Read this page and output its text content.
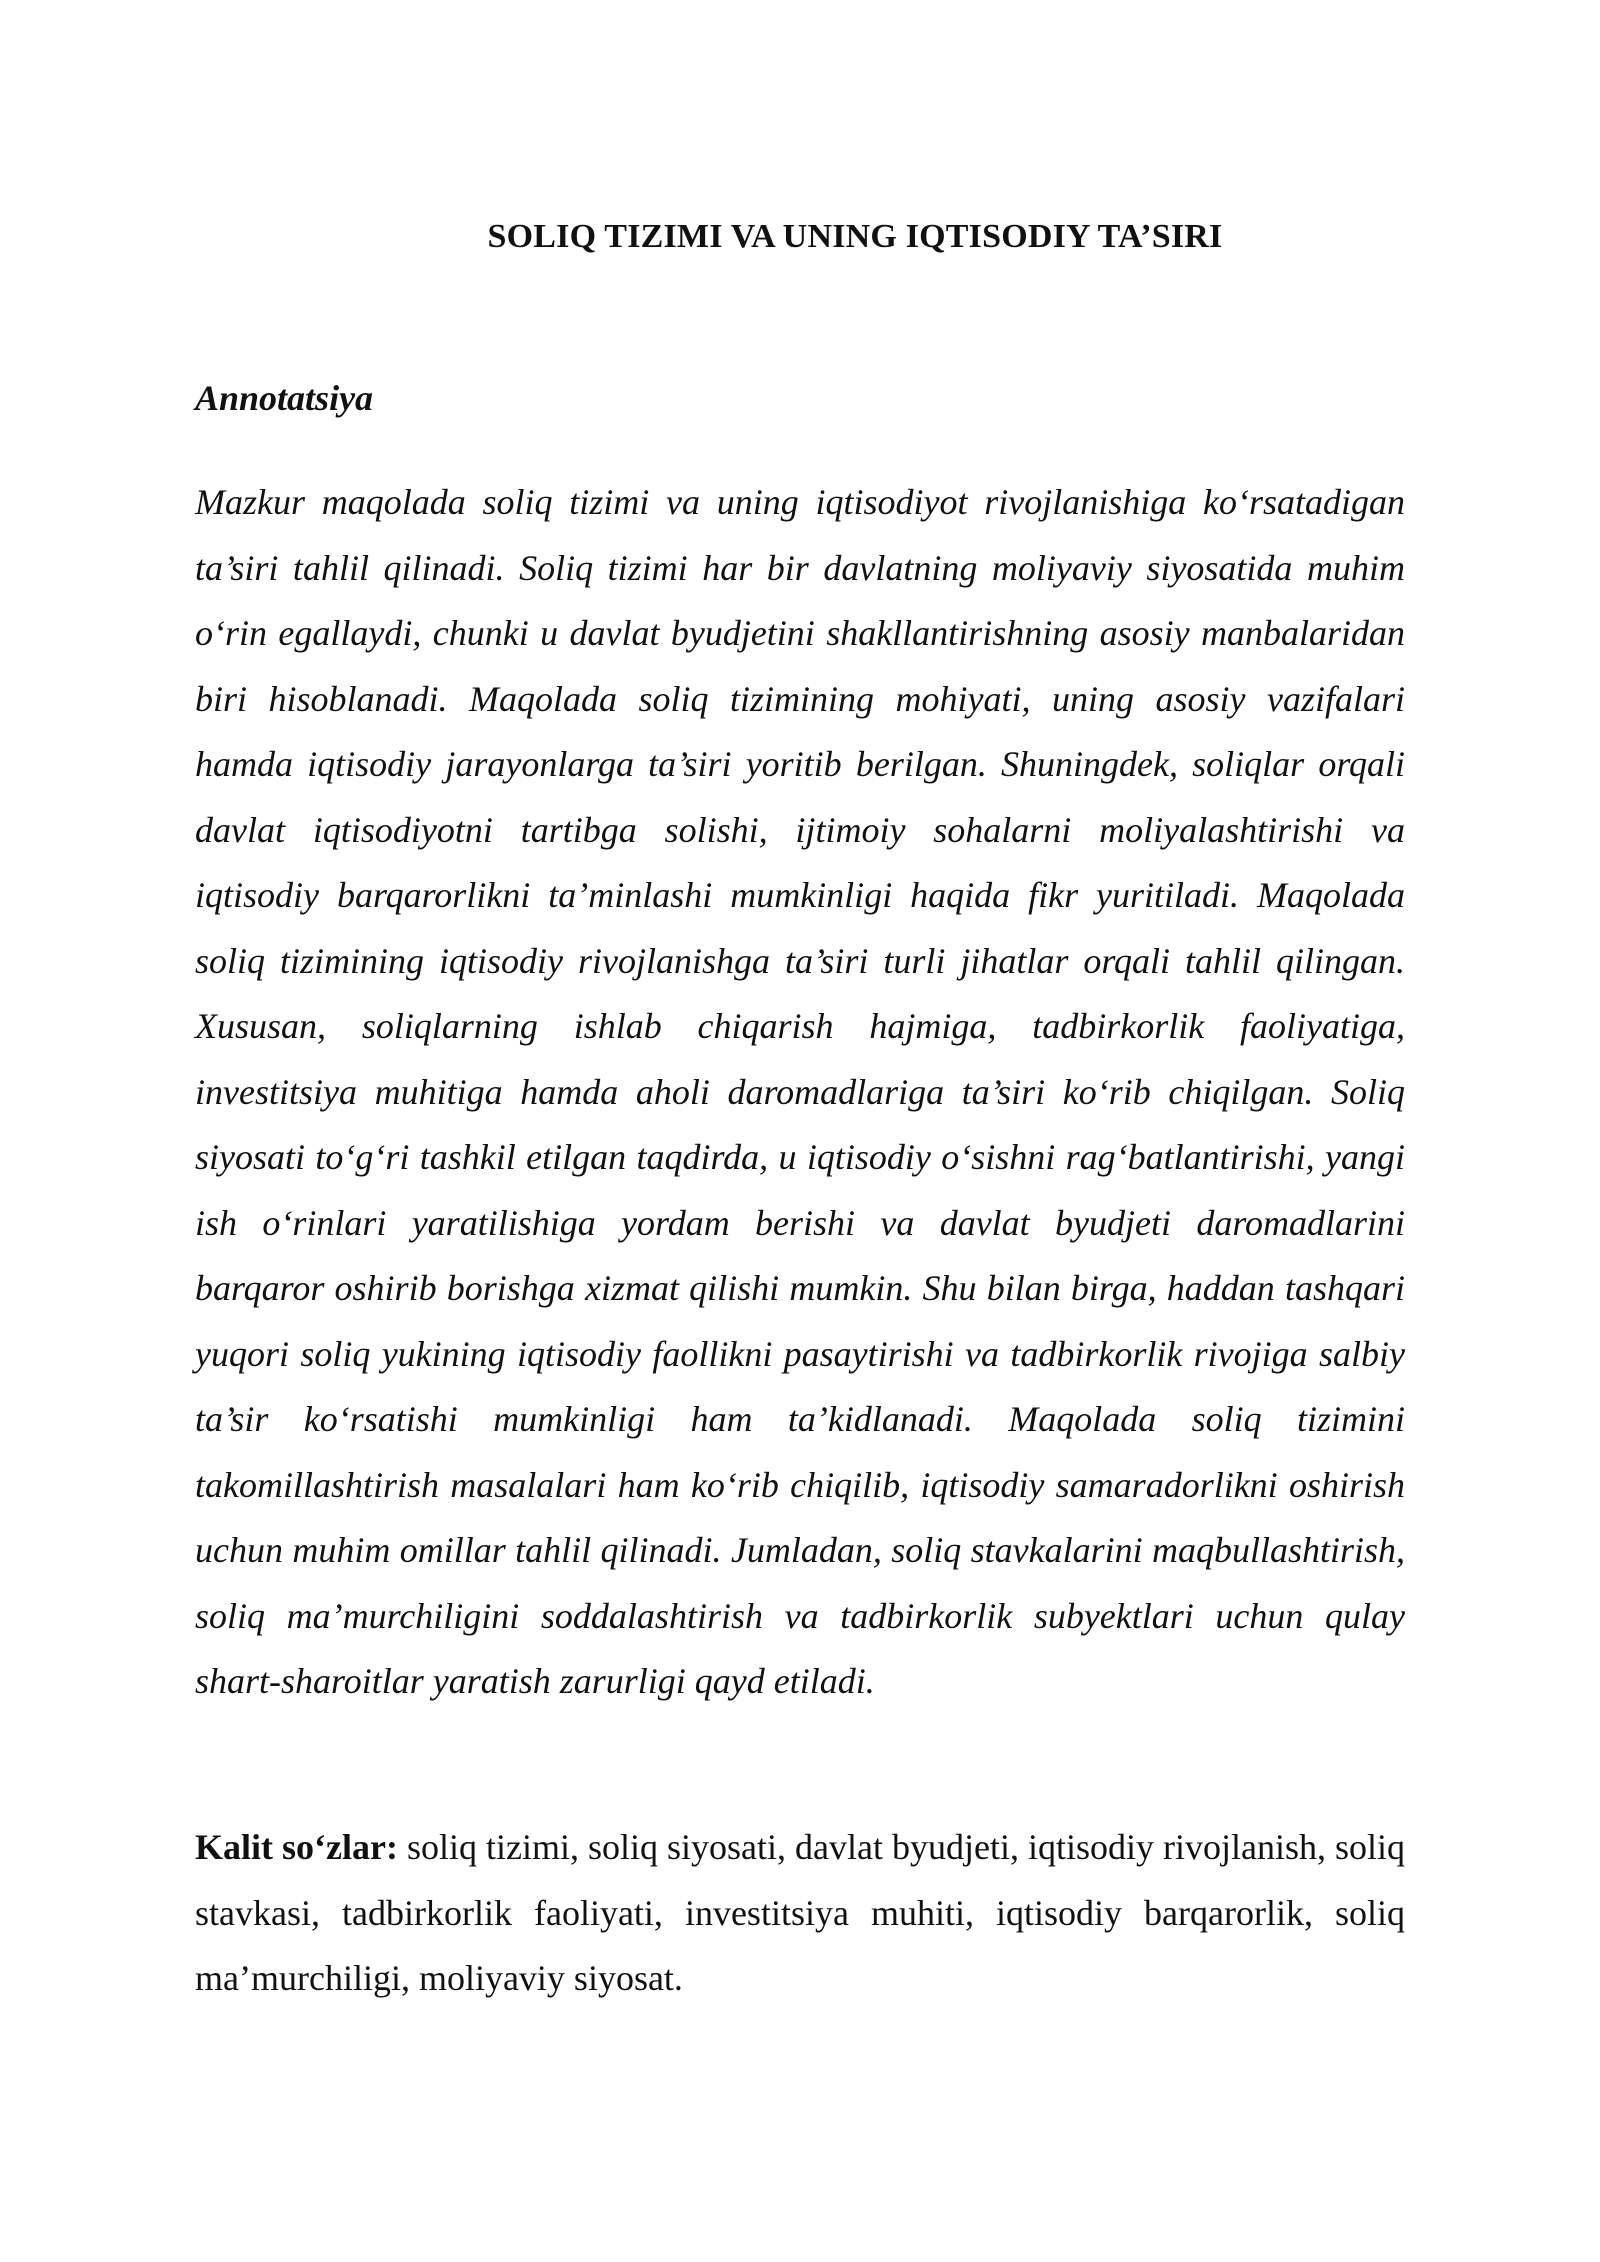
SOLIQ TIZIMI VA UNING IQTISODIY TA’SIRI
Annotatsiya

Mazkur maqolada soliq tizimi va uning iqtisodiyot rivojlanishiga ko‘rsatadigan ta’siri tahlil qilinadi. Soliq tizimi har bir davlatning moliyaviy siyosatida muhim o‘rin egallaydi, chunki u davlat byudjetini shakllantirishning asosiy manbalaridan biri hisoblanadi. Maqolada soliq tizimining mohiyati, uning asosiy vazifalari hamda iqtisodiy jarayonlarga ta’siri yoritib berilgan. Shuningdek, soliqlar orqali davlat iqtisodiyotni tartibga solishi, ijtimoiy sohalarni moliyalashtirishi va iqtisodiy barqarorlikni ta’minlashi mumkinligi haqida fikr yuritiladi. Maqolada soliq tizimining iqtisodiy rivojlanishga ta’siri turli jihatlar orqali tahlil qilingan. Xususan, soliqlarning ishlab chiqarish hajmiga, tadbirkorlik faoliyatiga, investitsiya muhitiga hamda aholi daromadlariga ta’siri ko‘rib chiqilgan. Soliq siyosati to‘g‘ri tashkil etilgan taqdirda, u iqtisodiy o‘sishni rag‘batlantirishi, yangi ish o‘rinlari yaratilishiga yordam berishi va davlat byudjeti daromadlarini barqaror oshirib borishga xizmat qilishi mumkin. Shu bilan birga, haddan tashqari yuqori soliq yukining iqtisodiy faollikni pasaytirishi va tadbirkorlik rivojiga salbiy ta’sir ko‘rsatishi mumkinligi ham ta’kidlanadi. Maqolada soliq tizimini takomillashtirish masalalari ham ko‘rib chiqilib, iqtisodiy samaradorlikni oshirish uchun muhim omillar tahlil qilinadi. Jumladan, soliq stavkalarini maqbullashtirish, soliq ma’murchiligini soddalashtirish va tadbirkorlik subyektlari uchun qulay shart-sharoitlar yaratish zarurligi qayd etiladi.

Kalit so‘zlar: soliq tizimi, soliq siyosati, davlat byudjeti, iqtisodiy rivojlanish, soliq stavkasi, tadbirkorlik faoliyati, investitsiya muhiti, iqtisodiy barqarorlik, soliq ma’murchiligi, moliyaviy siyosat.
